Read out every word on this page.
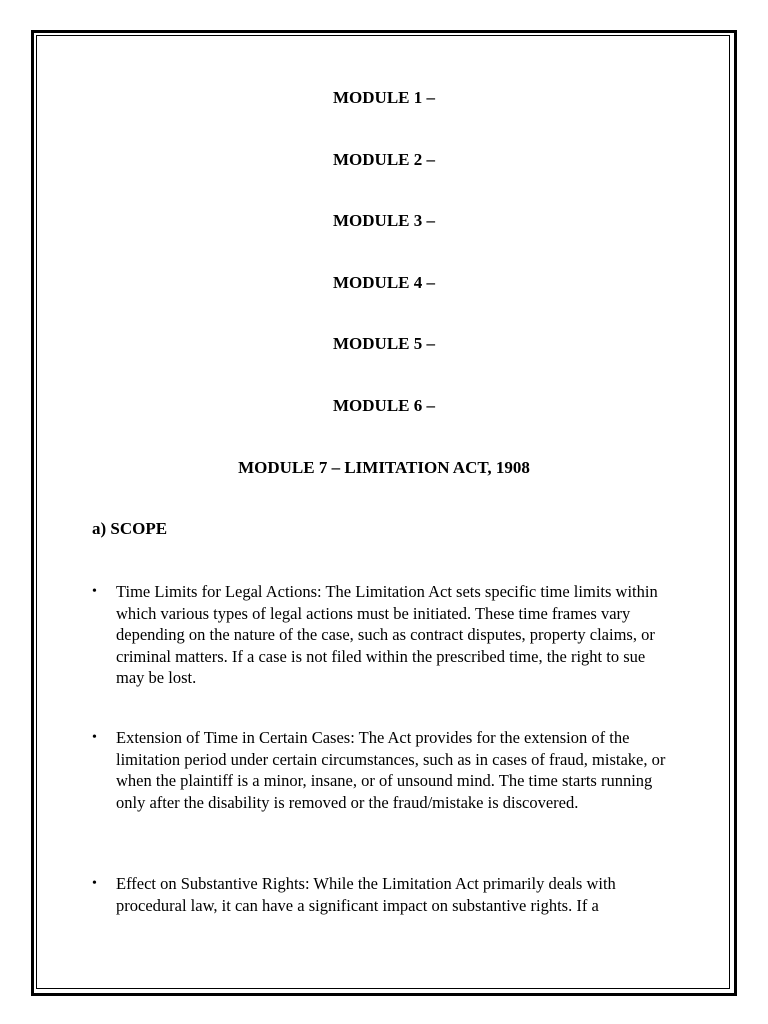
MODULE 1 –
MODULE 2 –
MODULE 3 –
MODULE 4 –
MODULE 5 –
MODULE 6 –
MODULE 7 – LIMITATION ACT, 1908
a) SCOPE
•	Time Limits for Legal Actions: The Limitation Act sets specific time limits within which various types of legal actions must be initiated. These time frames vary depending on the nature of the case, such as contract disputes, property claims, or criminal matters. If a case is not filed within the prescribed time, the right to sue may be lost.
•	Extension of Time in Certain Cases: The Act provides for the extension of the limitation period under certain circumstances, such as in cases of fraud, mistake, or when the plaintiff is a minor, insane, or of unsound mind. The time starts running only after the disability is removed or the fraud/mistake is discovered.
•	Effect on Substantive Rights: While the Limitation Act primarily deals with procedural law, it can have a significant impact on substantive rights. If a
